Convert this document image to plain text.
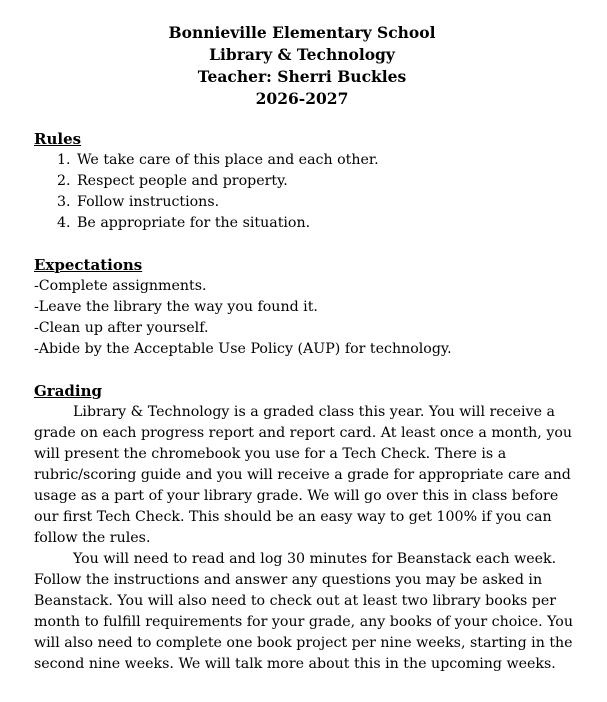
Bonnieville Elementary School
Library & Technology
Teacher: Sherri Buckles
2026-2027
Rules
1. We take care of this place and each other.
2. Respect people and property.
3. Follow instructions.
4. Be appropriate for the situation.
Expectations
-Complete assignments.
-Leave the library the way you found it.
-Clean up after yourself.
-Abide by the Acceptable Use Policy (AUP) for technology.
Grading

Library & Technology is a graded class this year. You will receive a grade on each progress report and report card. At least once a month, you will present the chromebook you use for a Tech Check. There is a rubric/scoring guide and you will receive a grade for appropriate care and usage as a part of your library grade. We will go over this in class before our first Tech Check. This should be an easy way to get 100% if you can follow the rules.

You will need to read and log 30 minutes for Beanstack each week. Follow the instructions and answer any questions you may be asked in Beanstack. You will also need to check out at least two library books per month to fulfill requirements for your grade, any books of your choice. You will also need to complete one book project per nine weeks, starting in the second nine weeks. We will talk more about this in the upcoming weeks.
